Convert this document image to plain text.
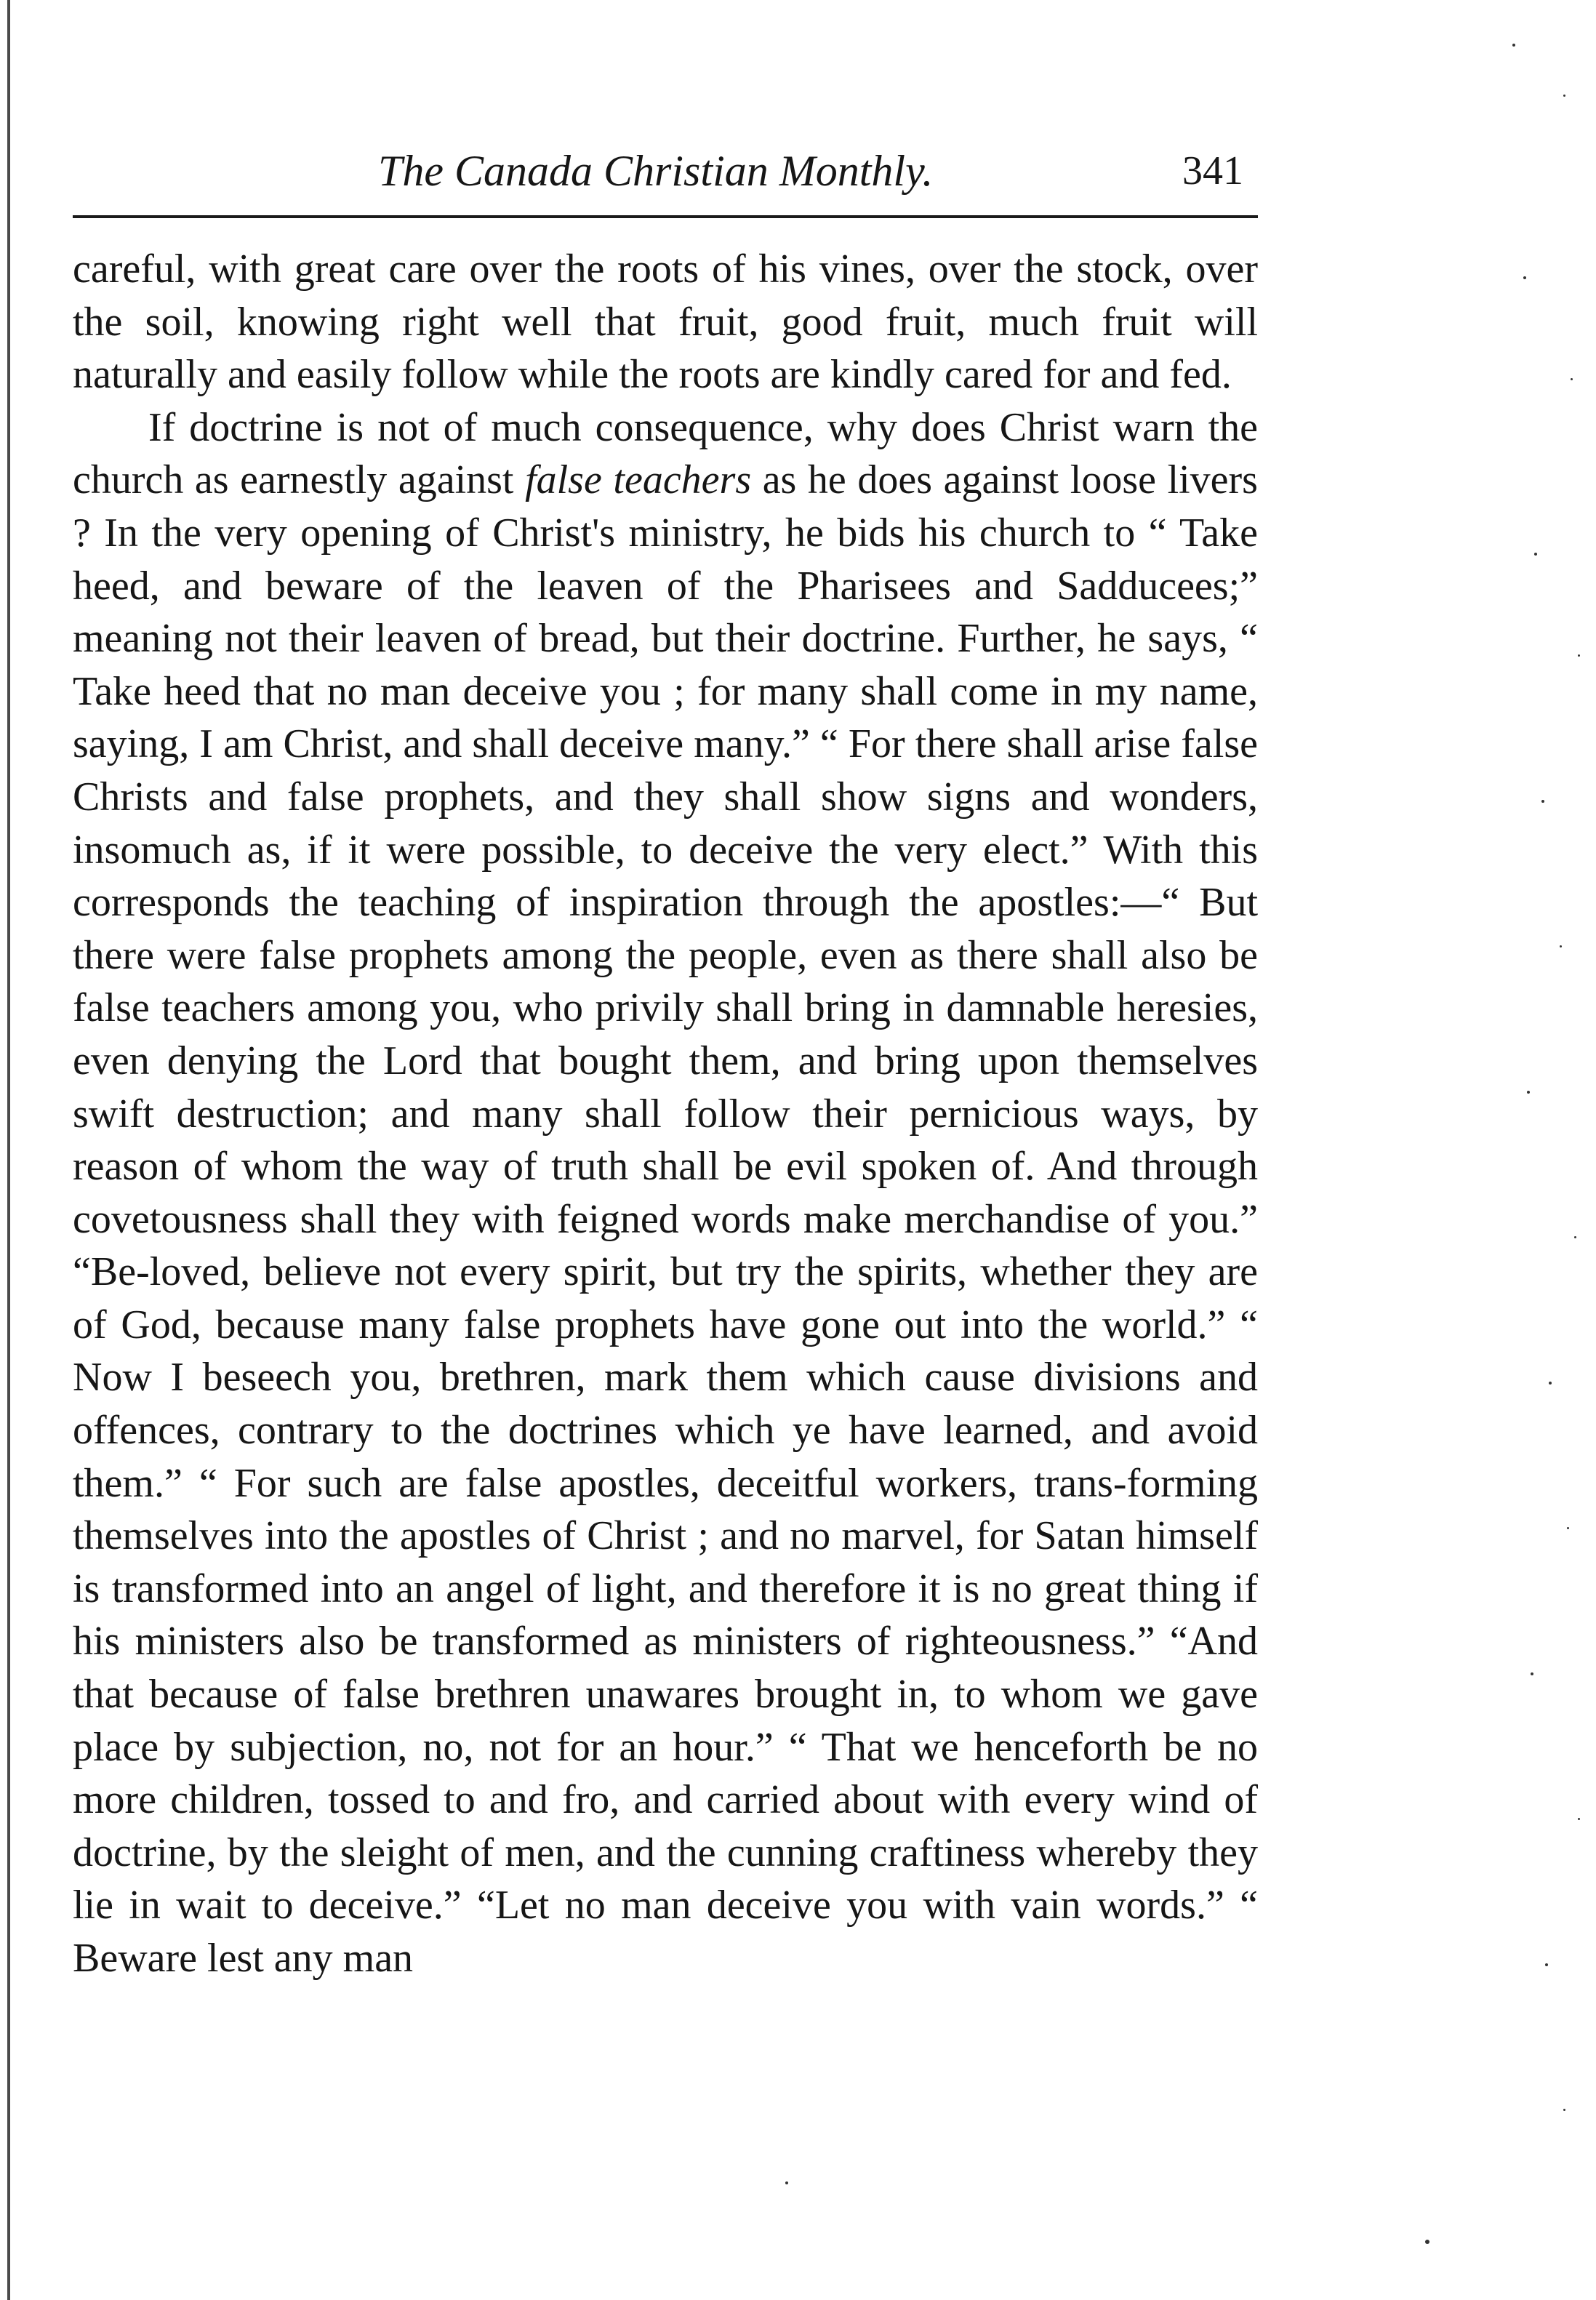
The Canada Christian Monthly.	341

careful, with great care over the roots of his vines, over the stock, over the soil, knowing right well that fruit, good fruit, much fruit will naturally and easily follow while the roots are kindly cared for and fed.

If doctrine is not of much consequence, why does Christ warn the church as earnestly against false teachers as he does against loose livers ? In the very opening of Christ's ministry, he bids his church to “ Take heed, and beware of the leaven of the Pharisees and Sadducees;” meaning not their leaven of bread, but their doctrine. Further, he says, “ Take heed that no man deceive you ; for many shall come in my name, saying, I am Christ, and shall deceive many.” “ For there shall arise false Christs and false prophets, and they shall show signs and wonders, insomuch as, if it were possible, to deceive the very elect.” With this corresponds the teaching of inspiration through the apostles:—“ But there were false prophets among the people, even as there shall also be false teachers among you, who privily shall bring in damnable heresies, even denying the Lord that bought them, and bring upon themselves swift destruction; and many shall follow their pernicious ways, by reason of whom the way of truth shall be evil spoken of. And through covetousness shall they with feigned words make merchandise of you.” “Be-loved, believe not every spirit, but try the spirits, whether they are of God, because many false prophets have gone out into the world.” “ Now I beseech you, brethren, mark them which cause divisions and offences, contrary to the doctrines which ye have learned, and avoid them.” “ For such are false apostles, deceitful workers, trans-forming themselves into the apostles of Christ ; and no marvel, for Satan himself is transformed into an angel of light, and therefore it is no great thing if his ministers also be transformed as ministers of righteousness.” “And that because of false brethren unawares brought in, to whom we gave place by subjection, no, not for an hour.” “ That we henceforth be no more children, tossed to and fro, and carried about with every wind of doctrine, by the sleight of men, and the cunning craftiness whereby they lie in wait to deceive.” “Let no man deceive you with vain words.” “ Beware lest any man
